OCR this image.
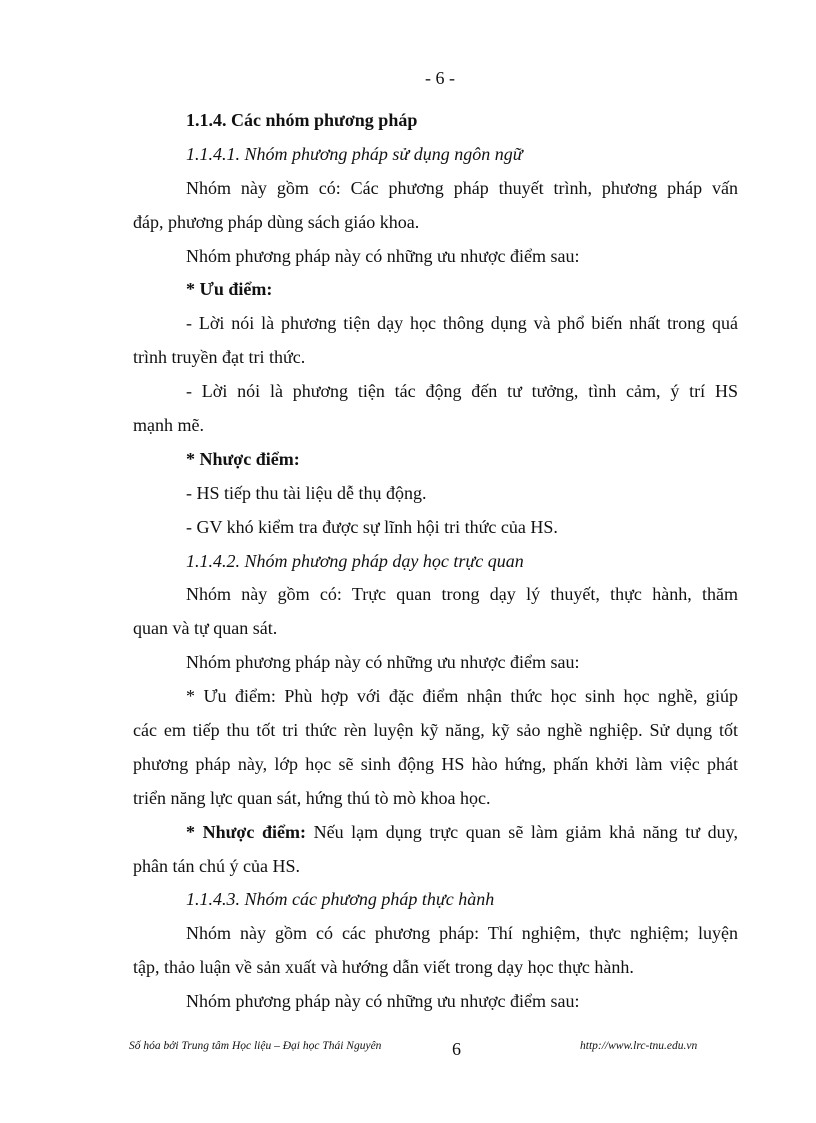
- 6 -
1.1.4. Các nhóm phương pháp
1.1.4.1. Nhóm phương pháp sử dụng ngôn ngữ
Nhóm này gồm có: Các phương pháp thuyết trình, phương pháp vấn
đáp, phương pháp dùng sách giáo khoa.
Nhóm phương pháp này có những ưu nhược điểm sau:
* Ưu điểm:
- Lời nói là phương tiện dạy học thông dụng và phổ biến nhất trong quá
trình truyền đạt tri thức.
- Lời nói là phương tiện tác động đến tư tưởng, tình cảm, ý trí HS
mạnh mẽ.
* Nhược điểm:
- HS tiếp thu tài liệu dễ thụ động.
- GV khó kiểm tra được sự lĩnh hội tri thức của HS.
1.1.4.2. Nhóm phương pháp dạy học trực quan
Nhóm này gồm có: Trực quan trong dạy lý thuyết, thực hành, thăm
quan và tự quan sát.
Nhóm phương pháp này có những ưu nhược điểm sau:
* Ưu điểm: Phù hợp với đặc điểm nhận thức học sinh học nghề, giúp
các em tiếp thu tốt tri thức rèn luyện kỹ năng, kỹ sảo nghề nghiệp. Sử dụng tốt
phương pháp này, lớp học sẽ sinh động HS hào hứng, phấn khởi làm việc phát
triển năng lực quan sát, hứng thú tò mò khoa học.
* Nhược điểm: Nếu lạm dụng trực quan sẽ làm giảm khả năng tư duy,
phân tán chú ý của HS.
1.1.4.3. Nhóm các phương pháp thực hành
Nhóm này gồm có các phương pháp: Thí nghiệm, thực nghiệm; luyện
tập, thảo luận về sản xuất và hướng dẫn viết trong dạy học thực hành.
Nhóm phương pháp này có những ưu nhược điểm sau:
Số hóa bởi Trung tâm Học liệu – Đại học Thái Nguyên	6	http://www.lrc-tnu.edu.vn
